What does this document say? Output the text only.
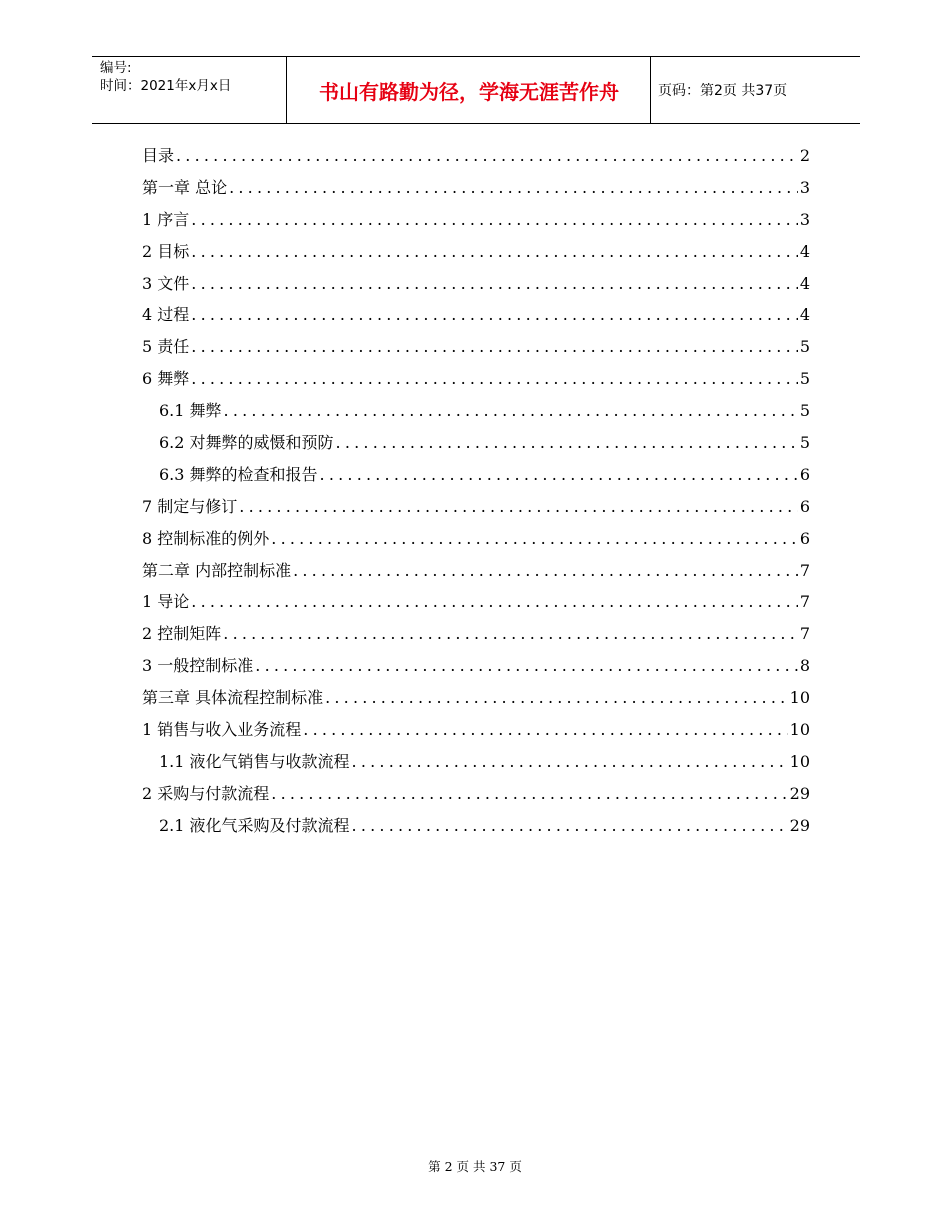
编号:
时间：2021年x月x日	书山有路勤为径，学海无涯苦作舟	页码：第2页 共37页
目录 .....	2
第一章 总论 .....	3
1 序言 .....	3
2 目标 .....	4
3 文件 .....	4
4 过程 .....	4
5 责任 .....	5
6 舞弊 .....	5
6.1 舞弊 .....	5
6.2 对舞弊的威慑和预防 .....	5
6.3 舞弊的检查和报告 .....	6
7 制定与修订 .....	6
8 控制标准的例外 .....	6
第二章 内部控制标准 .....	7
1 导论 .....	7
2 控制矩阵 .....	7
3 一般控制标准 .....	8
第三章 具体流程控制标准 .....	10
1 销售与收入业务流程 .....	10
1.1 液化气销售与收款流程 .....	10
2 采购与付款流程 .....	29
2.1 液化气采购及付款流程 .....	29
第 2 页 共 37 页
